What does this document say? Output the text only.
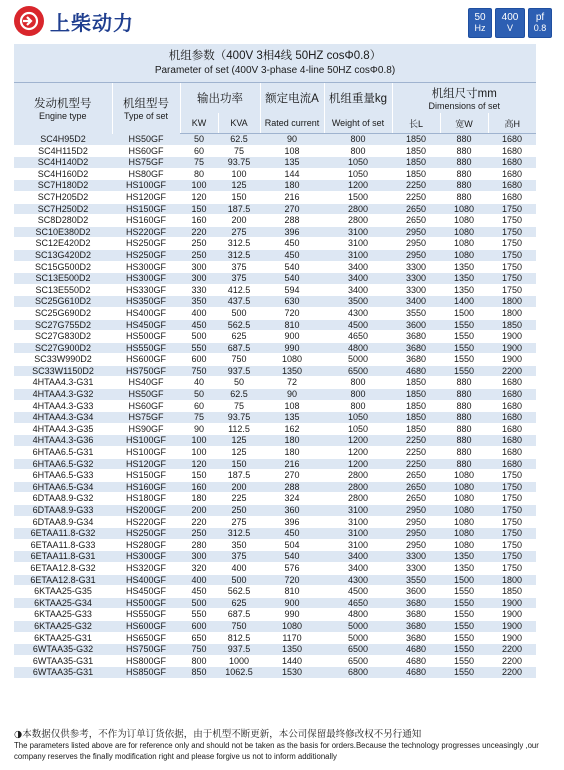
上柴动力	50
Hz
400
V
pf
0.8
机组参数（400V 3相4线 50HZ cosΦ0.8）
Parameter of set (400V 3-phase 4-line 50HZ cosΦ0.8)								

发动机型号
Engine type	机组型号
Type of set	输出功率		额定电流A	机组重量kg	机组尺寸mm
Dimensions of set		

		KW	KVA	Rated current	Weight of set	长L	宽W	高H
SC4H95D2	HS50GF	50	62.5	90	800	1850	880	1680
SC4H115D2	HS60GF	60	75	108	800	1850	880	1680
SC4H140D2	HS75GF	75	93.75	135	1050	1850	880	1680
SC4H160D2	HS80GF	80	100	144	1050	1850	880	1680
SC7H180D2	HS100GF	100	125	180	1200	2250	880	1680
SC7H205D2	HS120GF	120	150	216	1500	2250	880	1680
SC7H250D2	HS150GF	150	187.5	270	2800	2650	1080	1750
SC8D280D2	HS160GF	160	200	288	2800	2650	1080	1750
SC10E380D2	HS220GF	220	275	396	3100	2950	1080	1750
SC12E420D2	HS250GF	250	312.5	450	3100	2950	1080	1750
SC13G420D2	HS250GF	250	312.5	450	3100	2950	1080	1750
SC15G500D2	HS300GF	300	375	540	3400	3300	1350	1750
SC13E500D2	HS300GF	300	375	540	3400	3300	1350	1750
SC13E550D2	HS330GF	330	412.5	594	3400	3300	1350	1750
SC25G610D2	HS350GF	350	437.5	630	3500	3400	1400	1800
SC25G690D2	HS400GF	400	500	720	4300	3550	1500	1800
SC27G755D2	HS450GF	450	562.5	810	4500	3600	1550	1850
SC27G830D2	HS500GF	500	625	900	4650	3680	1550	1900
SC27G900D2	HS550GF	550	687.5	990	4800	3680	1550	1900
SC33W990D2	HS600GF	600	750	1080	5000	3680	1550	1900
SC33W1150D2	HS750GF	750	937.5	1350	6500	4680	1550	2200
4HTAA4.3-G31	HS40GF	40	50	72	800	1850	880	1680
4HTAA4.3-G32	HS50GF	50	62.5	90	800	1850	880	1680
4HTAA4.3-G33	HS60GF	60	75	108	800	1850	880	1680
4HTAA4.3-G34	HS75GF	75	93.75	135	1050	1850	880	1680
4HTAA4.3-G35	HS90GF	90	112.5	162	1050	1850	880	1680
4HTAA4.3-G36	HS100GF	100	125	180	1200	2250	880	1680
6HTAA6.5-G31	HS100GF	100	125	180	1200	2250	880	1680
6HTAA6.5-G32	HS120GF	120	150	216	1200	2250	880	1680
6HTAA6.5-G33	HS150GF	150	187.5	270	2800	2650	1080	1750
6HTAA6.5-G34	HS160GF	160	200	288	2800	2650	1080	1750
6DTAA8.9-G32	HS180GF	180	225	324	2800	2650	1080	1750
6DTAA8.9-G33	HS200GF	200	250	360	3100	2950	1080	1750
6DTAA8.9-G34	HS220GF	220	275	396	3100	2950	1080	1750
6ETAA11.8-G32	HS250GF	250	312.5	450	3100	2950	1080	1750
6ETAA11.8-G33	HS280GF	280	350	504	3100	2950	1080	1750
6ETAA11.8-G31	HS300GF	300	375	540	3400	3300	1350	1750
6ETAA12.8-G32	HS320GF	320	400	576	3400	3300	1350	1750
6ETAA12.8-G31	HS400GF	400	500	720	4300	3550	1500	1800
6KTAA25-G35	HS450GF	450	562.5	810	4500	3600	1550	1850
6KTAA25-G34	HS500GF	500	625	900	4650	3680	1550	1900
6KTAA25-G33	HS550GF	550	687.5	990	4800	3680	1550	1900
6KTAA25-G32	HS600GF	600	750	1080	5000	3680	1550	1900
6KTAA25-G31	HS650GF	650	812.5	1170	5000	3680	1550	1900
6WTAA35-G32	HS750GF	750	937.5	1350	6500	4680	1550	2200
6WTAA35-G31	HS800GF	800	1000	1440	6500	4680	1550	2200
6WTAA35-G31	HS850GF	850	1062.5	1530	6800	4680	1550	2200
◑本数据仅供参考，不作为订单订货依据，由于机型不断更新，本公司保留最终修改权不另行通知
The parameters listed above are for reference only and should not be taken as the basis for orders.Because the technology progresses unceasingly ,our company reserves the finally modification right and please forgive us not to inform additionally
